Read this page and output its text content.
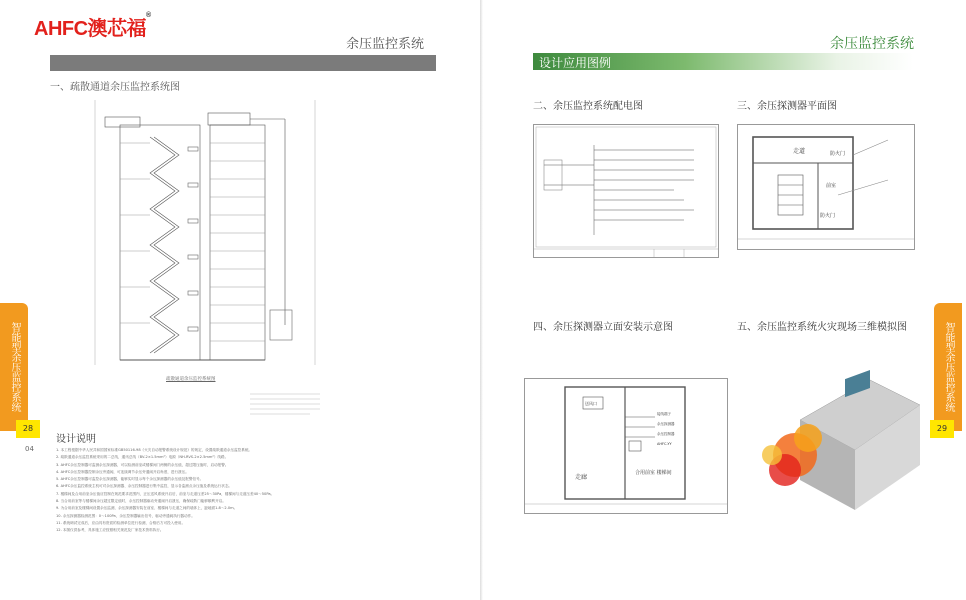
AHFC澳芯福®
余压监控系统
一、疏散通道余压监控系统图
疏散通道余压监控系统图
设计说明
1. 本工程根据中华人民共和国国家标准GB50116-98《火灾自动报警系统设计规范》的规定，设置疏散通道余压监控系统。
2. 疏散通道余压监控系统采用的二总线，通讯总线（BV-2×1.5mm²）电源（NH-RVS-2×2.5mm²）线路。
3. AHFC余压控制器可监测余压探测器，可以检测前室或楼梯间门两侧的余压值，超过限压值时，启动报警。
4. AHFC余压控制器控制余压旁通阀，可连续调节余压旁通阀开启角度，进行泄压。
5. AHFC余压控制器可监控余压探测器，能够实时显示每个余压探测器的余压值及报警信号。
6. AHFC余压监控系统主机可对余压探测器、余压控制器进行集中监控，显示各监测点余压值及系统运行状态。
7. 楼梯间及合用前室余压值应控制在规范要求范围内，正压送风系统开启后，前室与走道压差25～30Pa，楼梯间与走道压差40～50Pa。
8. 当合用前室等与楼梯间余压超过限定值时，余压控制器驱动旁通阀开启泄压，确保疏散门能够顺利开启。
9. 为合用前室及楼梯间设置余压监测，余压探测器安装在前室、楼梯间与走道之间的墙体上，距地面1.8～2.0m。
10. 余压探测器检测范围：0～100Pa，余压控制器输出信号，驱动旁通阀执行器动作。
11. 系统调试完成后，应由具有资质的检测单位进行检测，合格后方可投入使用。
12. 本图仅供参考，具体施工应按照相关规范及厂家技术资料执行。
智能型余压监控系统
28
04
余压监控系统
设计应用图例
二、余压监控系统配电图	三、余压探测器平面图
四、余压探测器立面安装示意图	五、余压监控系统火灾现场三维模拟图
走道
前室
防火门
防火门
送风口
走廊
合用前室 楼梯间
接线端子
余压探测器
余压控制器
AHFC-YY
智能型余压监控系统
29
